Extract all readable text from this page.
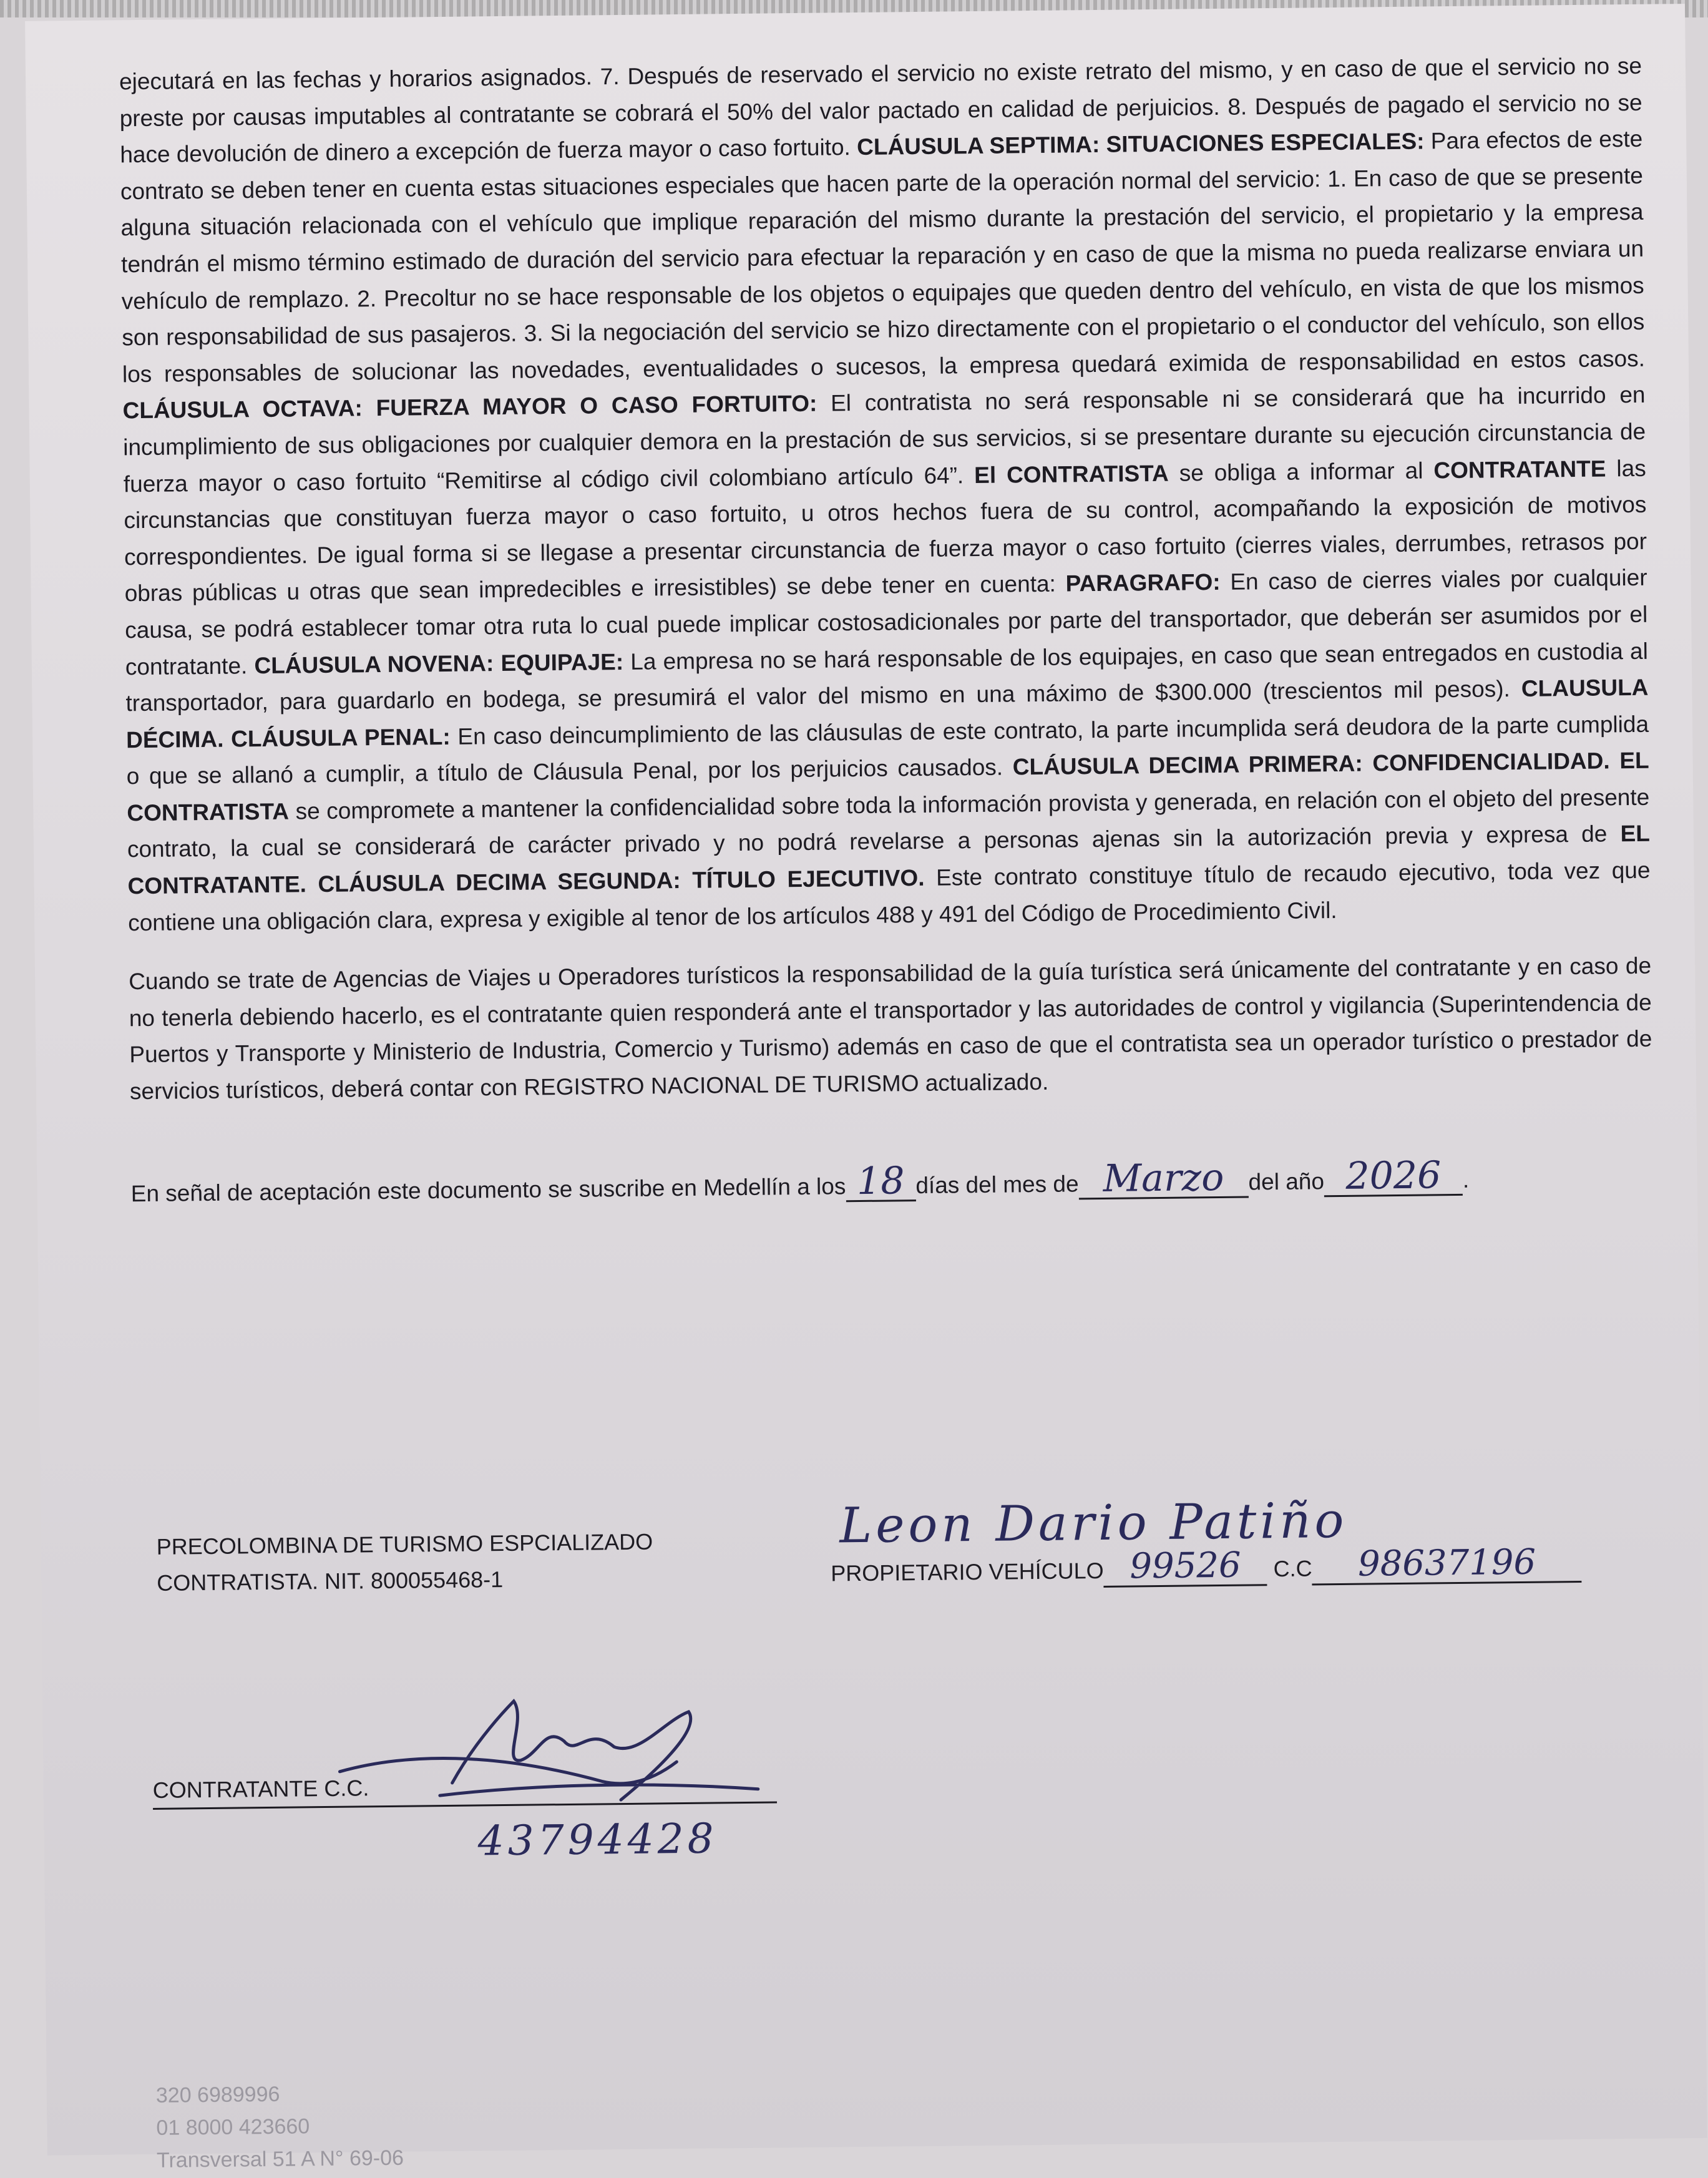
ejecutará en las fechas y horarios asignados. 7. Después de reservado el servicio no existe retrato del mismo, y en caso de que el servicio no se preste por causas imputables al contratante se cobrará el 50% del valor pactado en calidad de perjuicios. 8. Después de pagado el servicio no se hace devolución de dinero a excepción de fuerza mayor o caso fortuito. CLÁUSULA SEPTIMA: SITUACIONES ESPECIALES: Para efectos de este contrato se deben tener en cuenta estas situaciones especiales que hacen parte de la operación normal del servicio: 1. En caso de que se presente alguna situación relacionada con el vehículo que implique reparación del mismo durante la prestación del servicio, el propietario y la empresa tendrán el mismo término estimado de duración del servicio para efectuar la reparación y en caso de que la misma no pueda realizarse enviara un vehículo de remplazo. 2. Precoltur no se hace responsable de los objetos o equipajes que queden dentro del vehículo, en vista de que los mismos son responsabilidad de sus pasajeros. 3. Si la negociación del servicio se hizo directamente con el propietario o el conductor del vehículo, son ellos los responsables de solucionar las novedades, eventualidades o sucesos, la empresa quedará eximida de responsabilidad en estos casos. CLÁUSULA OCTAVA: FUERZA MAYOR O CASO FORTUITO: El contratista no será responsable ni se considerará que ha incurrido en incumplimiento de sus obligaciones por cualquier demora en la prestación de sus servicios, si se presentare durante su ejecución circunstancia de fuerza mayor o caso fortuito “Remitirse al código civil colombiano artículo 64”. El CONTRATISTA se obliga a informar al CONTRATANTE las circunstancias que constituyan fuerza mayor o caso fortuito, u otros hechos fuera de su control, acompañando la exposición de motivos correspondientes. De igual forma si se llegase a presentar circunstancia de fuerza mayor o caso fortuito (cierres viales, derrumbes, retrasos por obras públicas u otras que sean impredecibles e irresistibles) se debe tener en cuenta: PARAGRAFO: En caso de cierres viales por cualquier causa, se podrá establecer tomar otra ruta lo cual puede implicar costosadicionales por parte del transportador, que deberán ser asumidos por el contratante. CLÁUSULA NOVENA: EQUIPAJE: La empresa no se hará responsable de los equipajes, en caso que sean entregados en custodia al transportador, para guardarlo en bodega, se presumirá el valor del mismo en una máximo de $300.000 (trescientos mil pesos). CLAUSULA DÉCIMA. CLÁUSULA PENAL: En caso deincumplimiento de las cláusulas de este contrato, la parte incumplida será deudora de la parte cumplida o que se allanó a cumplir, a título de Cláusula Penal, por los perjuicios causados. CLÁUSULA DECIMA PRIMERA: CONFIDENCIALIDAD. EL CONTRATISTA se compromete a mantener la confidencialidad sobre toda la información provista y generada, en relación con el objeto del presente contrato, la cual se considerará de carácter privado y no podrá revelarse a personas ajenas sin la autorización previa y expresa de EL CONTRATANTE. CLÁUSULA DECIMA SEGUNDA: TÍTULO EJECUTIVO. Este contrato constituye título de recaudo ejecutivo, toda vez que contiene una obligación clara, expresa y exigible al tenor de los artículos 488 y 491 del Código de Procedimiento Civil.

Cuando se trate de Agencias de Viajes u Operadores turísticos la responsabilidad de la guía turística será únicamente del contratante y en caso de no tenerla debiendo hacerlo, es el contratante quien responderá ante el transportador y las autoridades de control y vigilancia (Superintendencia de Puertos y Transporte y Ministerio de Industria, Comercio y Turismo) además en caso de que el contratista sea un operador turístico o prestador de servicios turísticos, deberá contar con REGISTRO NACIONAL DE TURISMO actualizado.

En señal de aceptación este documento se suscribe en Medellín a los 18 días del mes de Marzo del año 2026 .

PRECOLOMBINA DE TURISMO ESPCIALIZADO
CONTRATISTA. NIT. 800055468-1
Leon Dario Patiño
PROPIETARIO VEHÍCULO 99526 C.C 98637196
CONTRATANTE C.C.
43794428
320 6989996
01 8000 423660
Transversal 51 A N° 69-06
